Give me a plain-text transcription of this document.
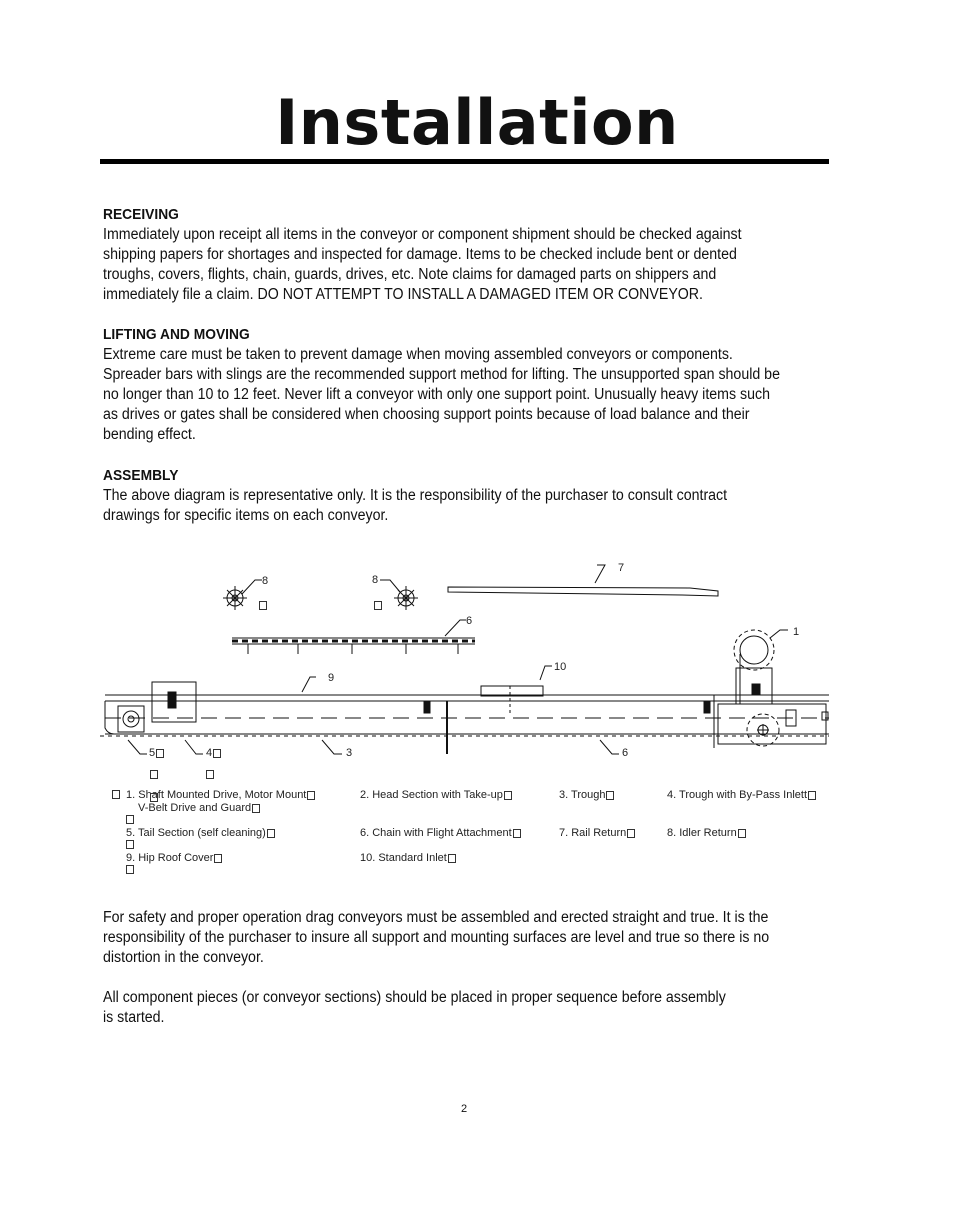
Installation
RECEIVING
Immediately upon receipt all items in the conveyor or component shipment should be checked against
shipping papers for shortages and inspected for damage. Items to be checked include bent or dented
troughs, covers, flights, chain, guards, drives, etc. Note claims for damaged parts on shippers and
immediately file a claim. DO NOT ATTEMPT TO INSTALL A DAMAGED ITEM OR CONVEYOR.
LIFTING AND MOVING
Extreme care must be taken to prevent damage when moving assembled conveyors or components.
Spreader bars with slings are the recommended support method for lifting. The unsupported span should be
no longer than 10 to 12 feet. Never lift a conveyor with only one support point. Unusually heavy items such
as drives or gates shall be considered when choosing support points because of load balance and their
bending effect.
ASSEMBLY
The above diagram is representative only. It is the responsibility of the purchaser to consult contract
drawings for specific items on each conveyor.
7
8	8
6
1
10
9
5	4	3	6
1. Shaft Mounted Drive, Motor Mount
V-Belt Drive and Guard
2. Head Section with Take-up	3. Trough	4. Trough with By-Pass Inlett
5. Tail Section (self cleaning)	6. Chain with Flight Attachment	7. Rail Return	8. Idler Return
9. Hip Roof Cover	10. Standard Inlet
For safety and proper operation drag conveyors must be assembled and erected straight and true. It is the
responsibility of the purchaser to insure all support and mounting surfaces are level and true so there is no
distortion in the conveyor.
All component pieces (or conveyor sections) should be placed in proper sequence before assembly
is started.
2
